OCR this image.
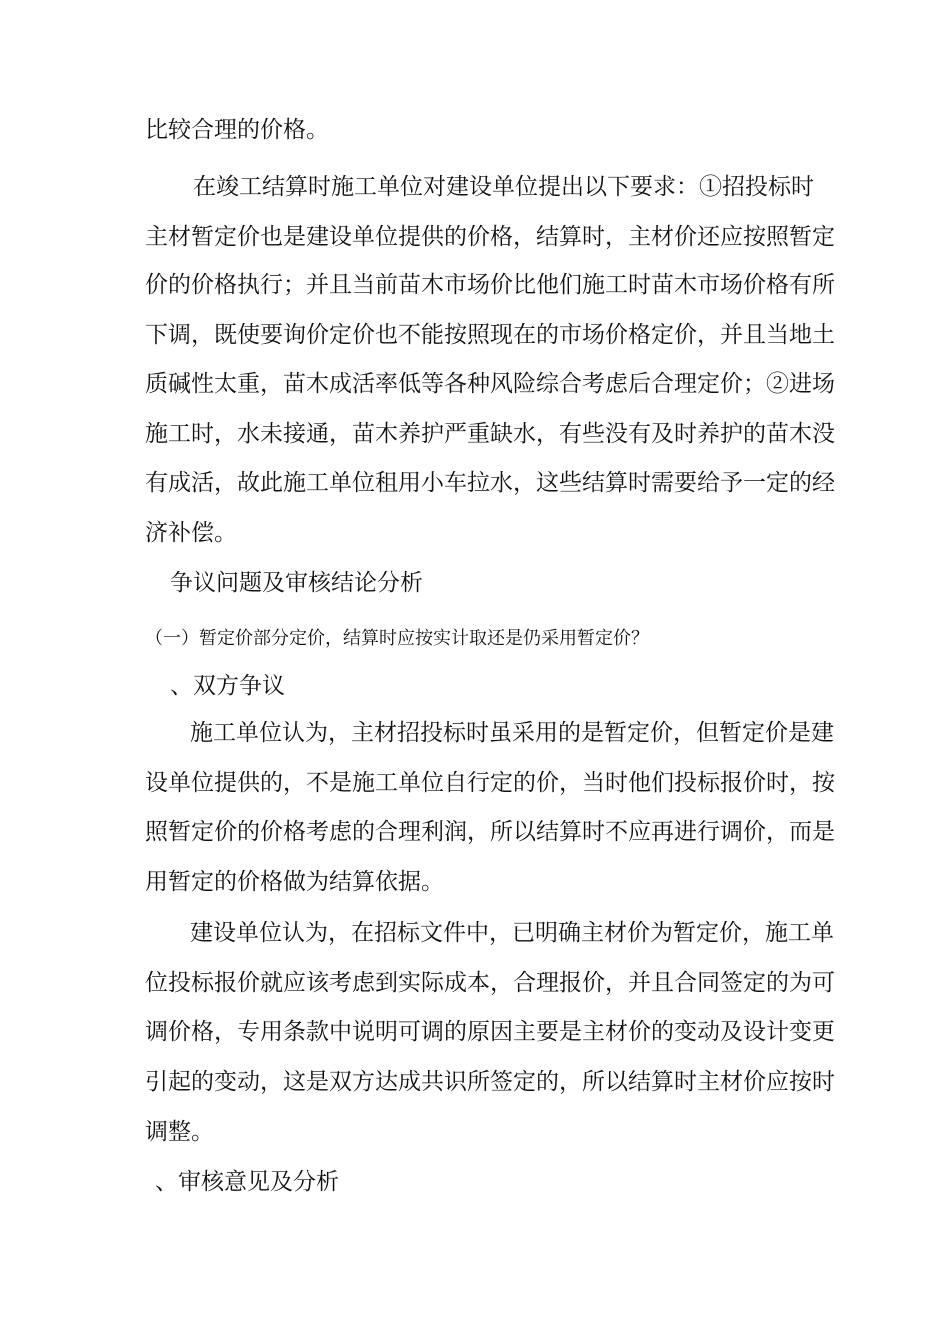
比较合理的价格。
在竣工结算时施工单位对建设单位提出以下要求：①招投标时
主材暂定价也是建设单位提供的价格，结算时，主材价还应按照暂定
价的价格执行；并且当前苗木市场价比他们施工时苗木市场价格有所
下调，既使要询价定价也不能按照现在的市场价格定价，并且当地土
质碱性太重，苗木成活率低等各种风险综合考虑后合理定价；②进场
施工时，水未接通，苗木养护严重缺水，有些没有及时养护的苗木没
有成活，故此施工单位租用小车拉水，这些结算时需要给予一定的经
济补偿。
争议问题及审核结论分析
（一）暂定价部分定价，结算时应按实计取还是仍采用暂定价？
、双方争议
施工单位认为，主材招投标时虽采用的是暂定价，但暂定价是建
设单位提供的，不是施工单位自行定的价，当时他们投标报价时，按
照暂定价的价格考虑的合理利润，所以结算时不应再进行调价，而是
用暂定的价格做为结算依据。
建设单位认为，在招标文件中，已明确主材价为暂定价，施工单
位投标报价就应该考虑到实际成本，合理报价，并且合同签定的为可
调价格，专用条款中说明可调的原因主要是主材价的变动及设计变更
引起的变动，这是双方达成共识所签定的，所以结算时主材价应按时
调整。
、审核意见及分析
